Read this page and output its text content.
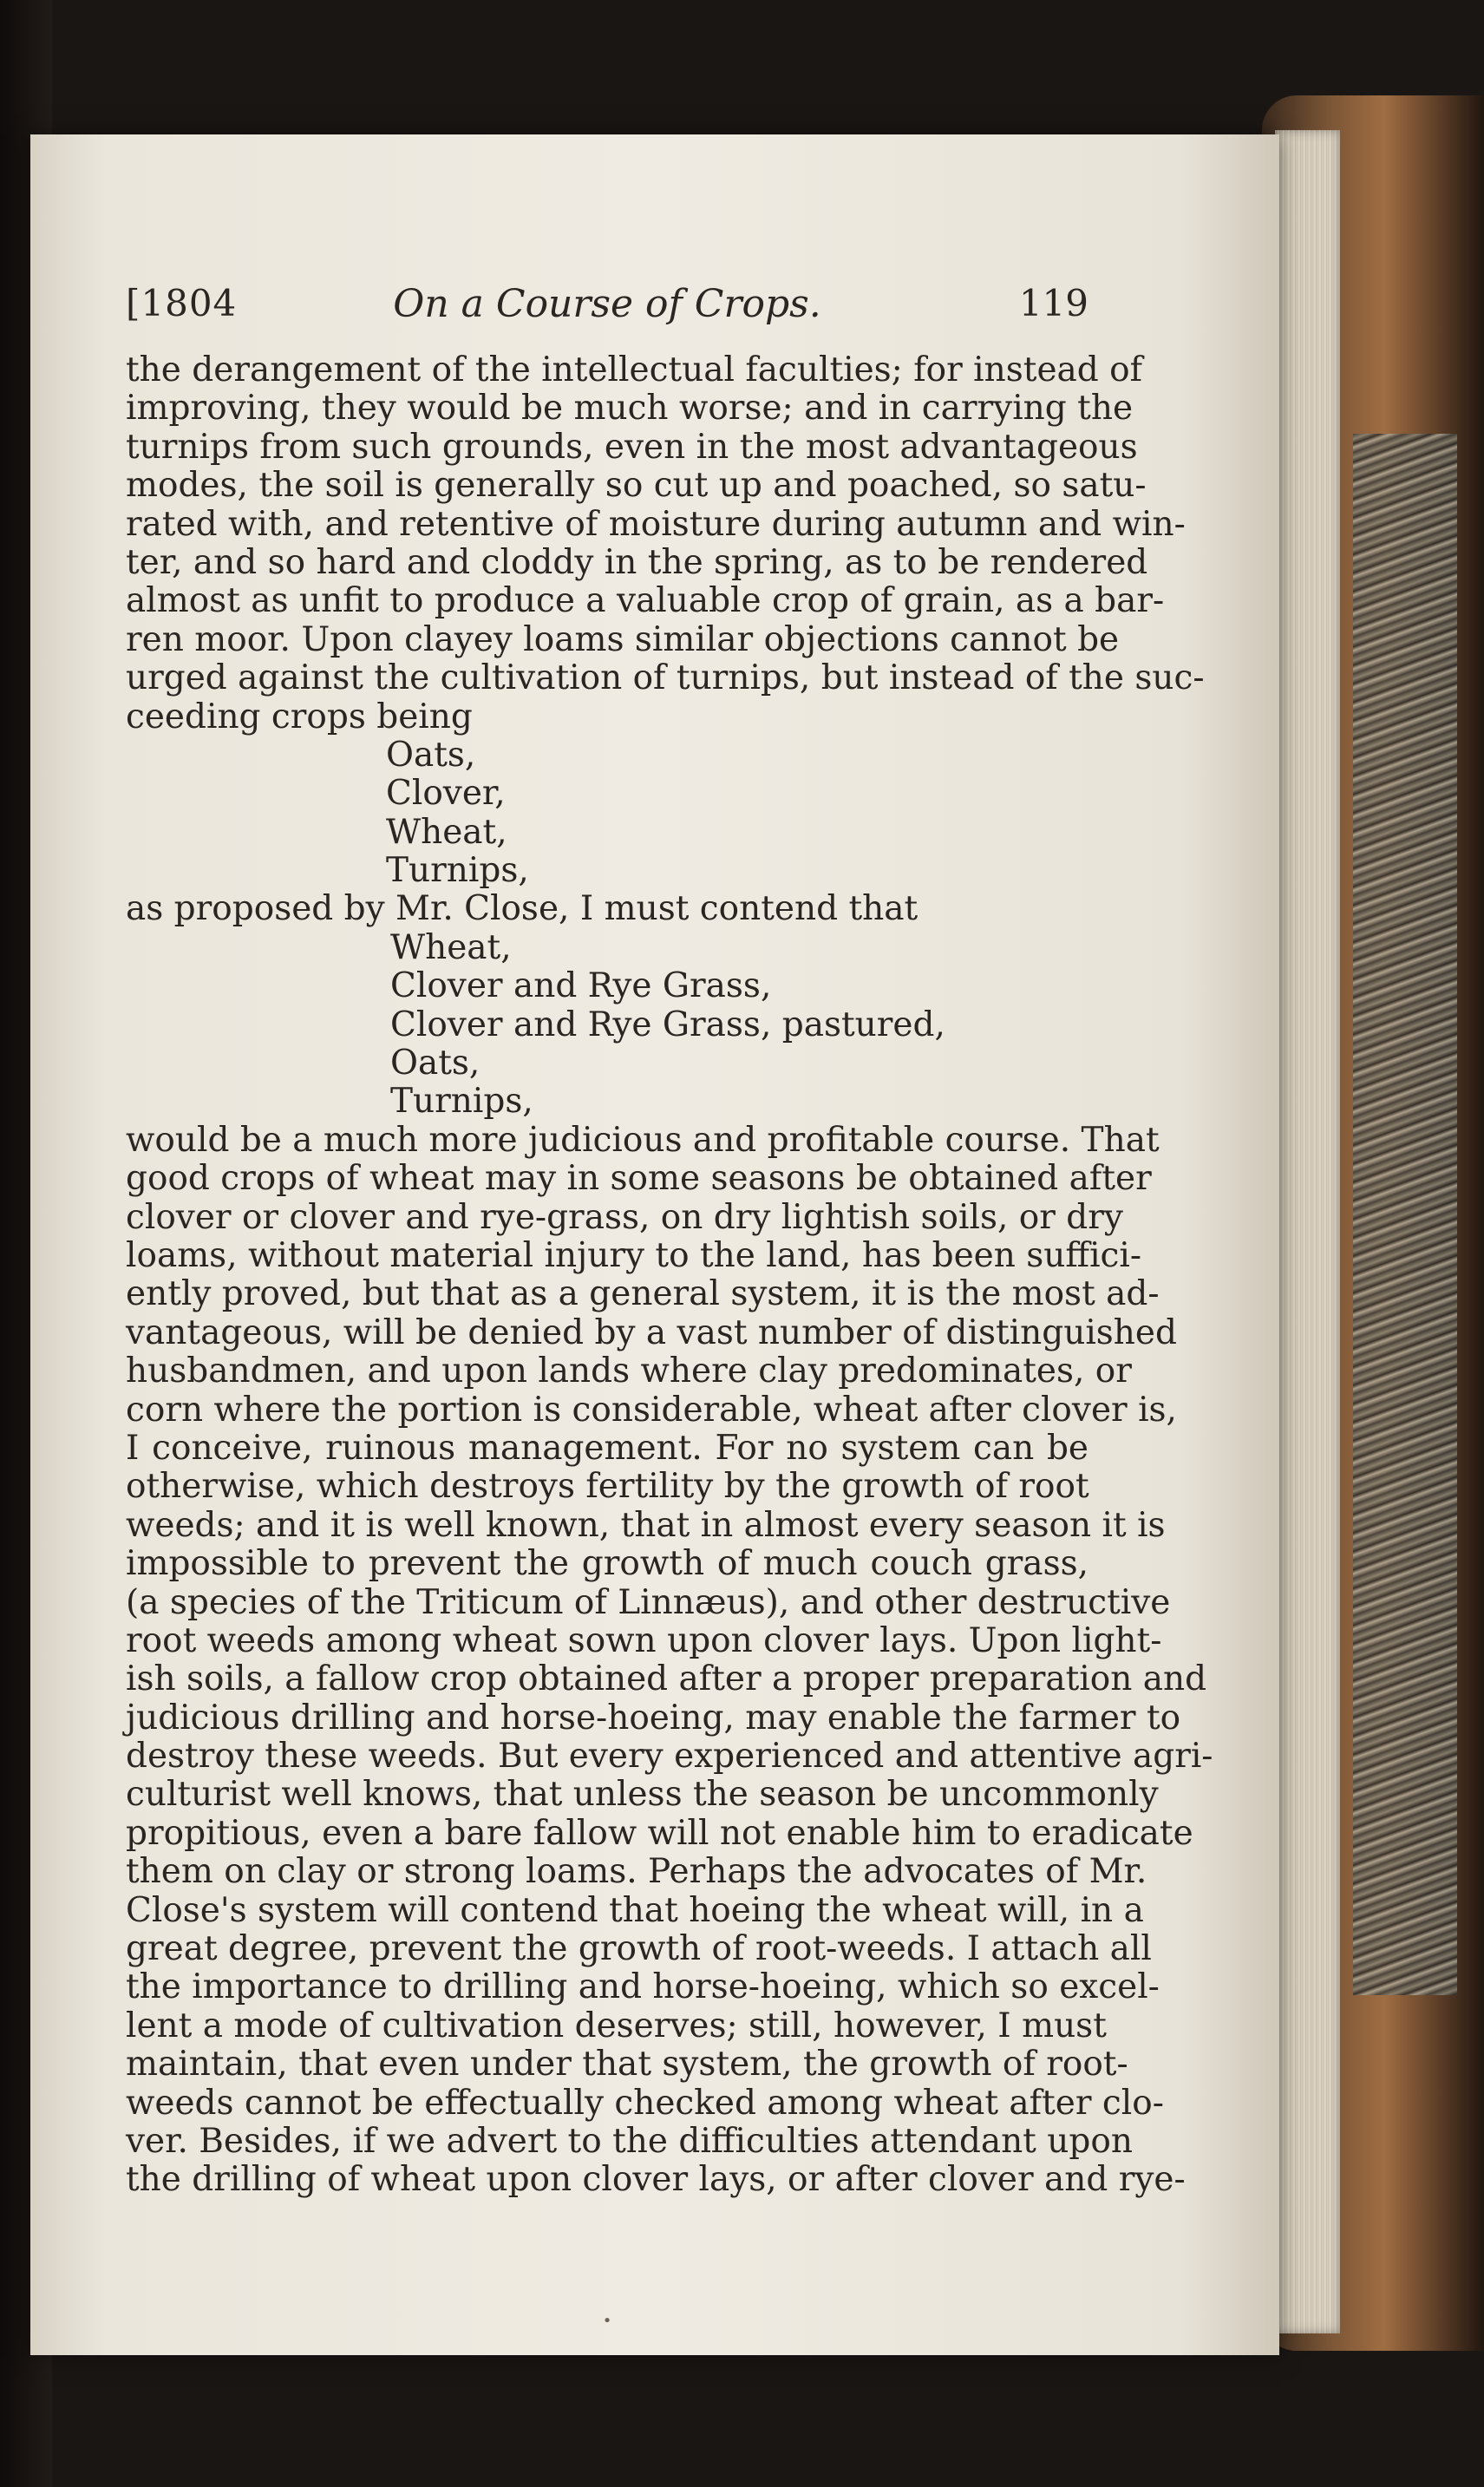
[1804	On a Course of Crops.	119
the derangement of the intellectual faculties; for instead of
improving, they would be much worse; and in carrying the
turnips from such grounds, even in the most advantageous
modes, the soil is generally so cut up and poached, so satu-
rated with, and retentive of moisture during autumn and win-
ter, and so hard and cloddy in the spring, as to be rendered
almost as unfit to produce a valuable crop of grain, as a bar-
ren moor. Upon clayey loams similar objections cannot be
urged against the cultivation of turnips, but instead of the suc-
ceeding crops being
Oats,
Clover,
Wheat,
Turnips,
as proposed by Mr. Close, I must contend that
Wheat,
Clover and Rye Grass,
Clover and Rye Grass, pastured,
Oats,
Turnips,
would be a much more judicious and profitable course. That
good crops of wheat may in some seasons be obtained after
clover or clover and rye-grass, on dry lightish soils, or dry
loams, without material injury to the land, has been suffici-
ently proved, but that as a general system, it is the most ad-
vantageous, will be denied by a vast number of distinguished
husbandmen, and upon lands where clay predominates, or
corn where the portion is considerable, wheat after clover is,
I conceive, ruinous management. For no system can be
otherwise, which destroys fertility by the growth of root
weeds; and it is well known, that in almost every season it is
impossible to prevent the growth of much couch grass,
(a species of the Triticum of Linnæus), and other destructive
root weeds among wheat sown upon clover lays. Upon light-
ish soils, a fallow crop obtained after a proper preparation and
judicious drilling and horse-hoeing, may enable the farmer to
destroy these weeds. But every experienced and attentive agri-
culturist well knows, that unless the season be uncommonly
propitious, even a bare fallow will not enable him to eradicate
them on clay or strong loams. Perhaps the advocates of Mr.
Close's system will contend that hoeing the wheat will, in a
great degree, prevent the growth of root-weeds. I attach all
the importance to drilling and horse-hoeing, which so excel-
lent a mode of cultivation deserves; still, however, I must
maintain, that even under that system, the growth of root-
weeds cannot be effectually checked among wheat after clo-
ver. Besides, if we advert to the difficulties attendant upon
the drilling of wheat upon clover lays, or after clover and rye-
•
